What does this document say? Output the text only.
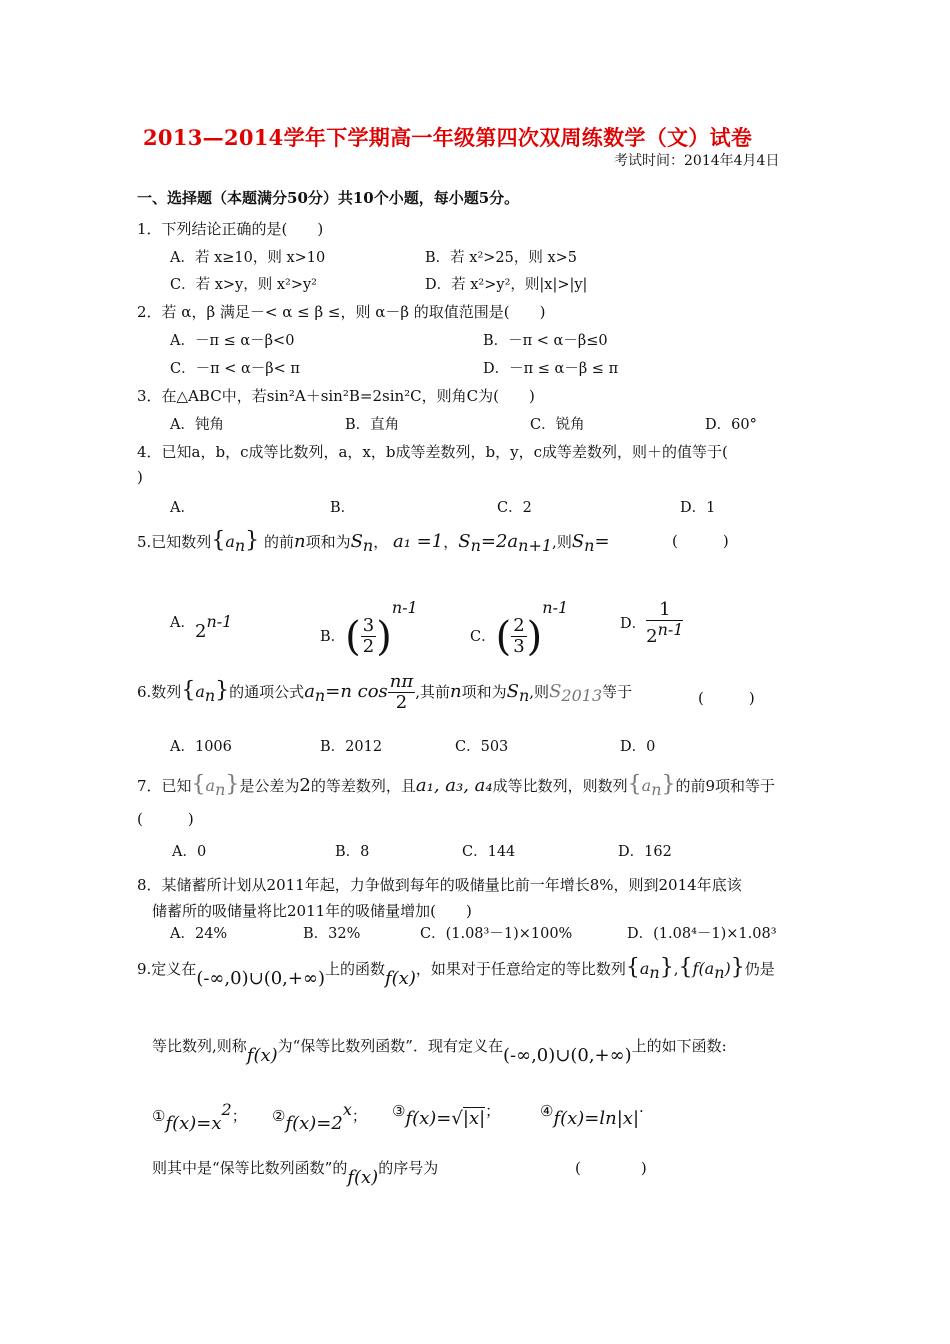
2013—2014学年下学期高一年级第四次双周练数学（文）试卷
考试时间：2014年4月4日
一、选择题（本题满分50分）共10个小题，每小题5分。
1．下列结论正确的是(　　)
A．若 x≥10，则 x>10	B．若 x²>25，则 x>5
C．若 x>y，则 x²>y²	D．若 x²>y²，则|x|>|y|
2．若 α，β 满足－< α ≤ β ≤，则 α－β 的取值范围是(　　)
A．－π ≤ α－β<0	B．－π < α－β≤0
C．－π < α－β< π	D．－π ≤ α－β ≤ π
3．在△ABC中，若sin²A＋sin²B=2sin²C，则角C为(　　)
A．钝角	B．直角	C．锐角	D．60°
4．已知a，b，c成等比数列，a，x，b成等差数列，b，y，c成等差数列，则＋的值等于(
)
A．	B．	C．2	D．1
5.已知数列$\{a_n\}$ 的前n项和为$S_n$， a₁ =1，$S_n=2a_{n+1}$,则$S_n=$	(　　　)
A．2$^{n-1}$
B．( $\frac{3}{2} )^{n-1}$
C．( $\frac{2}{3} )^{n-1}$
D． $\frac{1}{2^{n-1}}$
6.数列$\{a_n\}$的通项公式$a_n=n$ $\cos \frac{n\pi}{2}$ ,其前n项和为$S_n$,则$S_{2013}$等于	(　　　)
A．1006	B．2012	C．503	D．0
7．已知$\{a_n\}$是公差为2的等差数列，且a₁, a₃, a₄成等比数列，则数列$\{a_n\}$的前9项和等于
(　　　)
A．0	B．8	C．144	D．162
8．某储蓄所计划从2011年起，力争做到每年的吸储量比前一年增长8%，则到2014年底该
储蓄所的吸储量将比2011年的吸储量增加(　　)
A．24%	B．32%	C．(1.08³－1)×100%	D．(1.08⁴－1)×1.08³
9.定义在(-∞,0)∪(0,+∞)上的函数f(x)，如果对于任意给定的等比数列$\{a_n\},\{f(a_n)\}$仍是
等比数列,则称f(x)为“保等比数列函数”．现有定义在(-∞,0)∪(0,+∞)上的如下函数:
$①f(x)=x^2$； $②f(x)=2^x$； ③f(x)=√|x|；	④f(x)=ln|x|·
则其中是“保等比数列函数”的f(x)的序号为	(　　　　)
